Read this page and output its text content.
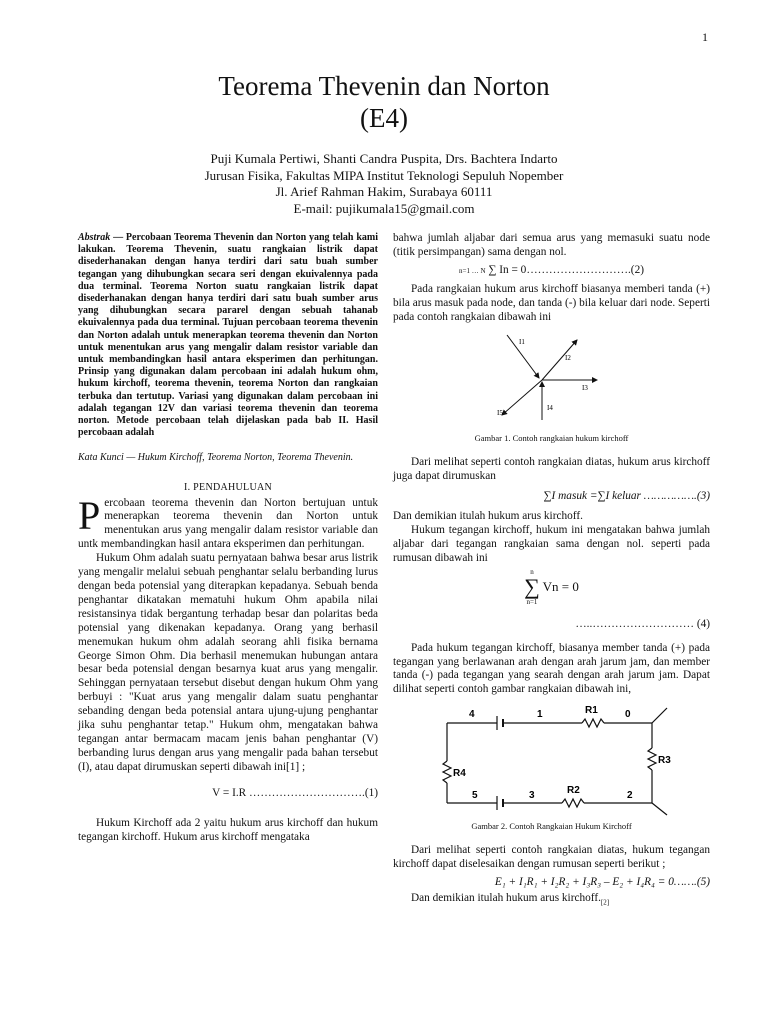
1
Teorema Thevenin dan Norton
(E4)
Puji Kumala Pertiwi, Shanti Candra Puspita, Drs. Bachtera Indarto
Jurusan Fisika, Fakultas MIPA Institut Teknologi Sepuluh Nopember
Jl. Arief Rahman Hakim, Surabaya 60111
E-mail: pujikumala15@gmail.com

Abstrak — Percobaan Teorema Thevenin dan Norton yang telah kami lakukan. Teorema Thevenin, suatu rangkaian listrik dapat disederhanakan dengan hanya terdiri dari satu buah sumber tegangan yang dihubungkan secara seri dengan ekuivalennya pada dua terminal. Teorema Norton suatu rangkaian listrik dapat disederhanakan dengan hanya terdiri dari satu buah sumber arus yang dihubungkan secara pararel dengan sebuah tahanab ekuivalennya pada dua terminal. Tujuan percobaan teorema thevenin dan Norton adalah untuk menerapkan teorema thevenin dan Norton untuk menentukan arus yang mengalir dalam resistor variable dan untuk membandingkan hasil antara eksperimen dan perhitungan. Prinsip yang digunakan dalam percobaan ini adalah hukum ohm, hukum kirchoff, teorema thevenin, teorema Norton dan rangkaian terbuka dan tertutup. Variasi yang digunakan dalam percobaan ini adalah tegangan 12V dan variasi teorema thevenin dan teorema norton. Metode percobaan telah dijelaskan pada bab II. Hasil percobaan adalah

Kata Kunci — Hukum Kirchoff, Teorema Norton, Teorema Thevenin.

I. PENDAHULUAN

Percobaan teorema thevenin dan Norton bertujuan untuk menerapkan teorema thevenin dan Norton untuk menentukan arus yang mengalir dalam resistor variable dan untk membandingkan hasil antara eksperimen dan perhitungan.

Hukum Ohm adalah suatu pernyataan bahwa besar arus listrik yang mengalir melalui sebuah penghantar selalu berbanding lurus dengan beda potensial yang diterapkan kepadanya. Sebuah benda penghantar dikatakan mematuhi hukum Ohm apabila nilai resistansinya tidak bergantung terhadap besar dan polaritas beda potensial yang dikenakan kepadanya. Orang yang berhasil menemukan hukum ohm adalah seorang ahli fisika bernama George Simon Ohm. Dia berhasil menemukan hubungan antara besar beda potensial dengan besarnya kuat arus yang mengalir. Sehinggan pernyataan tersebut disebut dengan hukum Ohm yang berbuyi : "Kuat arus yang mengalir dalam suatu penghantar sebanding dengan beda potensial antara ujung-ujung penghantar jika suhu penghantar tetap." Hukum ohm, mengatakan bahwa tegangan antar bermacam macam jenis bahan penghantar (V) berbanding lurus dengan arus yang mengalir pada bahan tersebut (I), atau dapat dirumuskan seperti dibawah ini[1] ;

V = I.R ………………………….(1)

Hukum Kirchoff ada 2 yaitu hukum arus kirchoff dan hukum tegangan kirchoff. Hukum arus kirchoff mengataka

bahwa jumlah aljabar dari semua arus yang memasuki suatu node (titik persimpangan) sama dengan nol.

n=1 … N ∑ In = 0……………………….(2)

Pada rangkaian hukum arus kirchoff biasanya memberi tanda (+) bila arus masuk pada node, dan tanda (-) bila keluar dari node. Seperti pada contoh rangkaian dibawah ini

I1
I2
I3
I4
I5
Gambar 1. Contoh rangkaian hukum kirchoff

Dari melihat seperti contoh rangkaian diatas, hukum arus kirchoff juga dapat dirumuskan

∑I masuk =∑I keluar …………….(3)

Dan demikian itulah hukum arus kirchoff.

Hukum tegangan kirchoff, hukum ini mengatakan bahwa jumlah aljabar dari tegangan rangkaian sama dengan nol. seperti pada rumusan dibawah ini

n
∑
n=1
Vn = 0

…..……………………… (4)

Pada hukum tegangan kirchoff, biasanya member tanda (+) pada tegangan yang berlawanan arah dengan arah jarum jam, dan member tanda (-) pada tegangan yang searah dengan arah jarum jam. Dapat dilihat seperti contoh gambar rangkaian dibawah ini,

4	1	R1	0
R3
R4
5	3	R2	2
Gambar 2. Contoh Rangkaian Hukum Kirchoff

Dari melihat seperti contoh rangkaian diatas, hukum tegangan kirchoff dapat diselesaikan dengan rumusan seperti berikut ;

E₁ + I₁R₁ + I₂R₂ + I₃R₃ – E₂ + I₄R₄ = 0…….(5)

Dan demikian itulah hukum arus $kirchoff._{[2]}$
